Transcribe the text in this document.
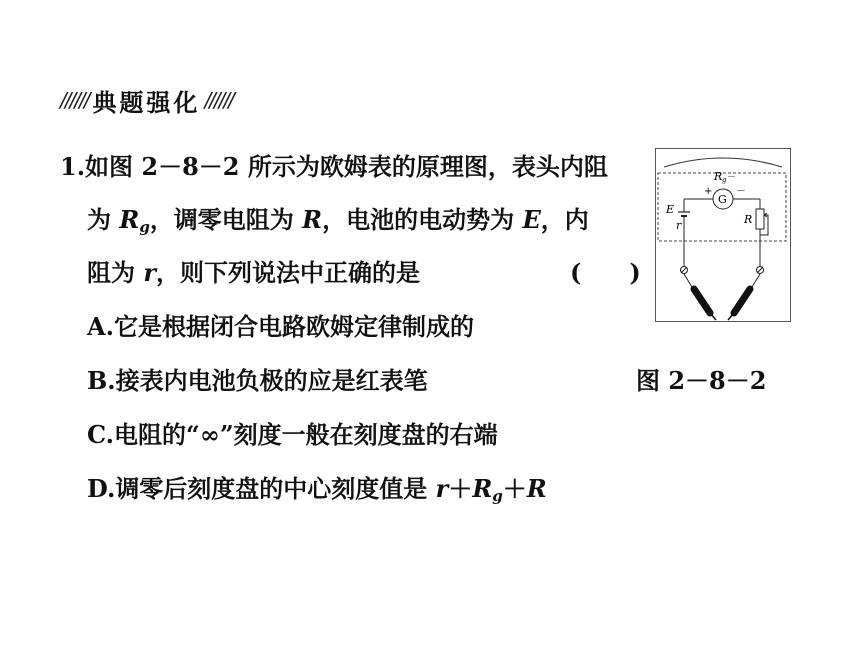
////// 典题强化 //////
1.如图 2－8－2 所示为欧姆表的原理图，表头内阻
为 $R_g$，调零电阻为 R，电池的电动势为 E，内
阻为 r，则下列说法中正确的是	(　　)
A.它是根据闭合电路欧姆定律制成的
B.接表内电池负极的应是红表笔
C.电阻的“∞”刻度一般在刻度盘的右端
D.调零后刻度盘的中心刻度值是 $r+R_g+R$
R g －
G
+ －
E
r	R
图 2－8－2
